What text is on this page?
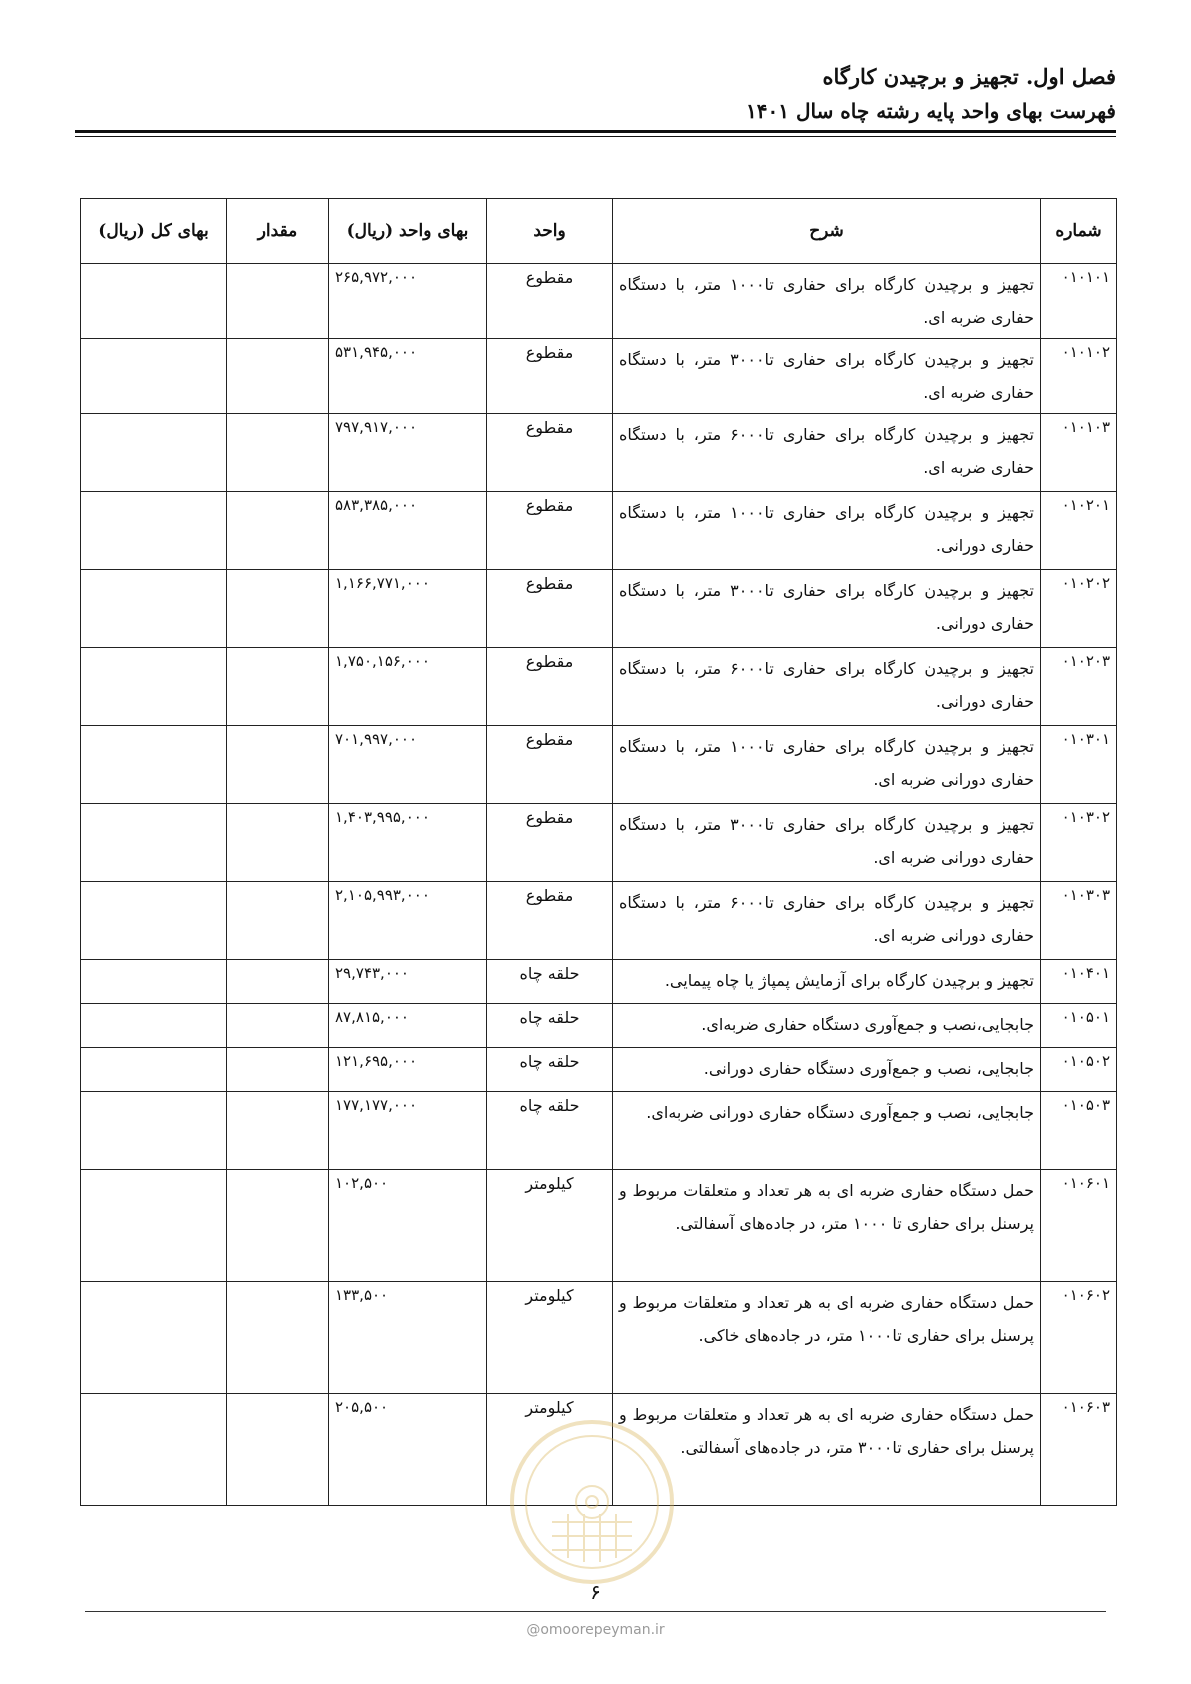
فصل اول. تجهیز و برچیدن کارگاه
فهرست بهای واحد پایه رشته چاه سال ۱۴۰۱
شماره	شرح	واحد	بهای واحد (ریال)	مقدار	بهای کل (ریال)
۰۱۰۱۰۱	تجهیز و برچیدن کارگاه برای حفاری تا۱۰۰۰ متر، با دستگاه حفاری ضربه ای.	مقطوع	۲۶۵,۹۷۲,۰۰۰		
۰۱۰۱۰۲	تجهیز و برچیدن کارگاه برای حفاری تا۳۰۰۰ متر، با دستگاه حفاری ضربه ای.	مقطوع	۵۳۱,۹۴۵,۰۰۰		
۰۱۰۱۰۳	تجهیز و برچیدن کارگاه برای حفاری تا۶۰۰۰ متر، با دستگاه حفاری ضربه ای.	مقطوع	۷۹۷,۹۱۷,۰۰۰		
۰۱۰۲۰۱	تجهیز و برچیدن کارگاه برای حفاری تا۱۰۰۰ متر، با دستگاه حفاری دورانی.	مقطوع	۵۸۳,۳۸۵,۰۰۰		
۰۱۰۲۰۲	تجهیز و برچیدن کارگاه برای حفاری تا۳۰۰۰ متر، با دستگاه حفاری دورانی.	مقطوع	۱,۱۶۶,۷۷۱,۰۰۰		
۰۱۰۲۰۳	تجهیز و برچیدن کارگاه برای حفاری تا۶۰۰۰ متر، با دستگاه حفاری دورانی.	مقطوع	۱,۷۵۰,۱۵۶,۰۰۰		
۰۱۰۳۰۱	تجهیز و برچیدن کارگاه برای حفاری تا۱۰۰۰ متر، با دستگاه حفاری دورانی ضربه ای.	مقطوع	۷۰۱,۹۹۷,۰۰۰		
۰۱۰۳۰۲	تجهیز و برچیدن کارگاه برای حفاری تا۳۰۰۰ متر، با دستگاه حفاری دورانی ضربه ای.	مقطوع	۱,۴۰۳,۹۹۵,۰۰۰		
۰۱۰۳۰۳	تجهیز و برچیدن کارگاه برای حفاری تا۶۰۰۰ متر، با دستگاه حفاری دورانی ضربه ای.	مقطوع	۲,۱۰۵,۹۹۳,۰۰۰		
۰۱۰۴۰۱	تجهیز و برچیدن کارگاه برای آزمایش پمپاژ یا چاه پیمایی.	حلقه چاه	۲۹,۷۴۳,۰۰۰		
۰۱۰۵۰۱	جابجایی،نصب و جمع‌آوری دستگاه حفاری ضربه‌ای.	حلقه چاه	۸۷,۸۱۵,۰۰۰		
۰۱۰۵۰۲	جابجایی، نصب و جمع‌آوری دستگاه حفاری دورانی.	حلقه چاه	۱۲۱,۶۹۵,۰۰۰		
۰۱۰۵۰۳	جابجایی، نصب و جمع‌آوری دستگاه حفاری دورانی ضربه‌ای.	حلقه چاه	۱۷۷,۱۷۷,۰۰۰		
۰۱۰۶۰۱	حمل دستگاه حفاری ضربه ای به هر تعداد و متعلقات مربوط و پرسنل برای حفاری تا ۱۰۰۰ متر، در جاده‌های آسفالتی.	کیلومتر	۱۰۲,۵۰۰		
۰۱۰۶۰۲	حمل دستگاه حفاری ضربه ای به هر تعداد و متعلقات مربوط و پرسنل برای حفاری تا۱۰۰۰ متر، در جاده‌های خاکی.	کیلومتر	۱۳۳,۵۰۰		
۰۱۰۶۰۳	حمل دستگاه حفاری ضربه ای به هر تعداد و متعلقات مربوط و پرسنل برای حفاری تا۳۰۰۰ متر، در جاده‌های آسفالتی.	کیلومتر	۲۰۵,۵۰۰		
۶
@omoorepeyman.ir
